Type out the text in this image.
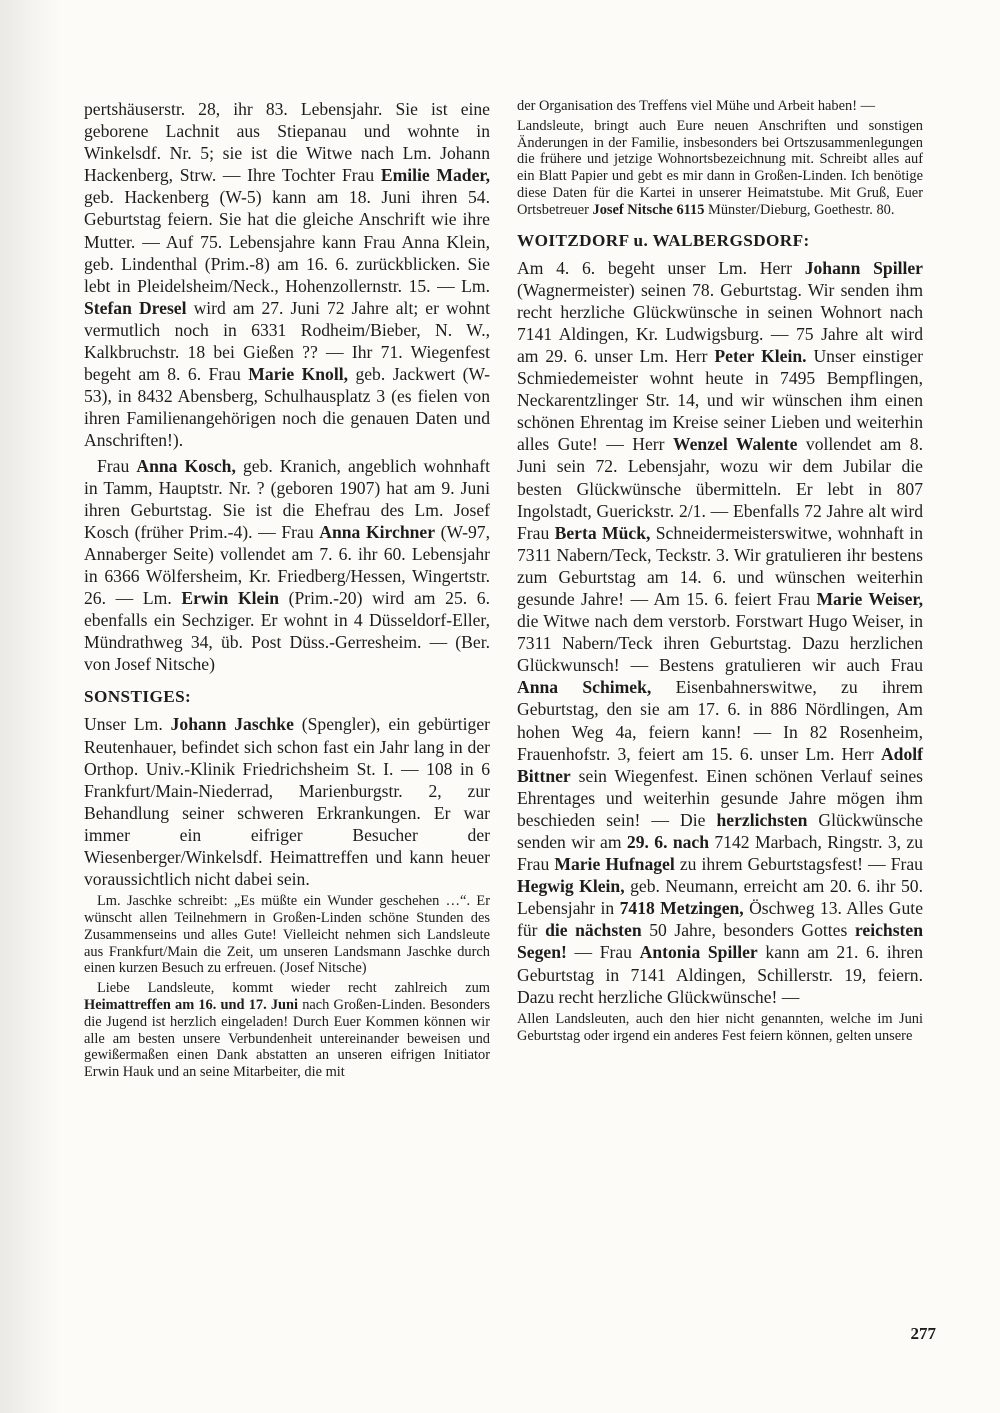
pertshäuserstr. 28, ihr 83. Lebensjahr. Sie ist eine geborene Lachnit aus Stiepanau und wohnte in Winkelsdf. Nr. 5; sie ist die Witwe nach Lm. Johann Hackenberg, Strw. — Ihre Tochter Frau Emilie Mader, geb. Hackenberg (W-5) kann am 18. Juni ihren 54. Geburtstag feiern. Sie hat die gleiche Anschrift wie ihre Mutter. — Auf 75. Lebensjahre kann Frau Anna Klein, geb. Lindenthal (Prim.-8) am 16. 6. zurückblicken. Sie lebt in Pleidelsheim/Neck., Hohenzollernstr. 15. — Lm. Stefan Dresel wird am 27. Juni 72 Jahre alt; er wohnt vermutlich noch in 6331 Rodheim/Bieber, N. W., Kalkbruchstr. 18 bei Gießen ?? — Ihr 71. Wiegenfest begeht am 8. 6. Frau Marie Knoll, geb. Jackwert (W-53), in 8432 Abensberg, Schulhausplatz 3 (es fielen von ihren Familienangehörigen noch die genauen Daten und Anschriften!).

Frau Anna Kosch, geb. Kranich, angeblich wohnhaft in Tamm, Hauptstr. Nr. ? (geboren 1907) hat am 9. Juni ihren Geburtstag. Sie ist die Ehefrau des Lm. Josef Kosch (früher Prim.-4). — Frau Anna Kirchner (W-97, Annaberger Seite) vollendet am 7. 6. ihr 60. Lebensjahr in 6366 Wölfersheim, Kr. Friedberg/Hessen, Wingertstr. 26. — Lm. Erwin Klein (Prim.-20) wird am 25. 6. ebenfalls ein Sechziger. Er wohnt in 4 Düsseldorf-Eller, Mündrathweg 34, üb. Post Düss.-Gerresheim. — (Ber. von Josef Nitsche)

SONSTIGES:

Unser Lm. Johann Jaschke (Spengler), ein gebürtiger Reutenhauer, befindet sich schon fast ein Jahr lang in der Orthop. Univ.-Klinik Friedrichsheim St. I. — 108 in 6 Frankfurt/Main-Niederrad, Marienburgstr. 2, zur Behandlung seiner schweren Erkrankungen. Er war immer ein eifriger Besucher der Wiesenberger/Winkelsdf. Heimattreffen und kann heuer voraussichtlich nicht dabei sein.

Lm. Jaschke schreibt: „Es müßte ein Wunder geschehen …“. Er wünscht allen Teilnehmern in Großen-Linden schöne Stunden des Zusammenseins und alles Gute! Vielleicht nehmen sich Landsleute aus Frankfurt/Main die Zeit, um unseren Landsmann Jaschke durch einen kurzen Besuch zu erfreuen. (Josef Nitsche)

Liebe Landsleute, kommt wieder recht zahlreich zum Heimattreffen am 16. und 17. Juni nach Großen-Linden. Besonders die Jugend ist herzlich eingeladen! Durch Euer Kommen können wir alle am besten unsere Verbundenheit untereinander beweisen und gewißermaßen einen Dank abstatten an unseren eifrigen Initiator Erwin Hauk und an seine Mitarbeiter, die mit

der Organisation des Treffens viel Mühe und Arbeit haben! —

Landsleute, bringt auch Eure neuen Anschriften und sonstigen Änderungen in der Familie, insbesonders bei Ortszusammenlegungen die frühere und jetzige Wohnortsbezeichnung mit. Schreibt alles auf ein Blatt Papier und gebt es mir dann in Großen-Linden. Ich benötige diese Daten für die Kartei in unserer Heimatstube. Mit Gruß, Euer Ortsbetreuer Josef Nitsche 6115 Münster/Dieburg, Goethestr. 80.

WOITZDORF u. WALBERGSDORF:

Am 4. 6. begeht unser Lm. Herr Johann Spiller (Wagnermeister) seinen 78. Geburtstag. Wir senden ihm recht herzliche Glückwünsche in seinen Wohnort nach 7141 Aldingen, Kr. Ludwigsburg. — 75 Jahre alt wird am 29. 6. unser Lm. Herr Peter Klein. Unser einstiger Schmiedemeister wohnt heute in 7495 Bempflingen, Neckarentzlinger Str. 14, und wir wünschen ihm einen schönen Ehrentag im Kreise seiner Lieben und weiterhin alles Gute! — Herr Wenzel Walente vollendet am 8. Juni sein 72. Lebensjahr, wozu wir dem Jubilar die besten Glückwünsche übermitteln. Er lebt in 807 Ingolstadt, Guerickstr. 2/1. — Ebenfalls 72 Jahre alt wird Frau Berta Mück, Schneidermeisterswitwe, wohnhaft in 7311 Nabern/Teck, Teckstr. 3. Wir gratulieren ihr bestens zum Geburtstag am 14. 6. und wünschen weiterhin gesunde Jahre! — Am 15. 6. feiert Frau Marie Weiser, die Witwe nach dem verstorb. Forstwart Hugo Weiser, in 7311 Nabern/Teck ihren Geburtstag. Dazu herzlichen Glückwunsch! — Bestens gratulieren wir auch Frau Anna Schimek, Eisenbahnerswitwe, zu ihrem Geburtstag, den sie am 17. 6. in 886 Nördlingen, Am hohen Weg 4a, feiern kann! — In 82 Rosenheim, Frauenhofstr. 3, feiert am 15. 6. unser Lm. Herr Adolf Bittner sein Wiegenfest. Einen schönen Verlauf seines Ehrentages und weiterhin gesunde Jahre mögen ihm beschieden sein! — Die herzlichsten Glückwünsche senden wir am 29. 6. nach 7142 Marbach, Ringstr. 3, zu Frau Marie Hufnagel zu ihrem Geburtstagsfest! — Frau Hegwig Klein, geb. Neumann, erreicht am 20. 6. ihr 50. Lebensjahr in 7418 Metzingen, Öschweg 13. Alles Gute für die nächsten 50 Jahre, besonders Gottes reichsten Segen! — Frau Antonia Spiller kann am 21. 6. ihren Geburtstag in 7141 Aldingen, Schillerstr. 19, feiern. Dazu recht herzliche Glückwünsche! —

Allen Landsleuten, auch den hier nicht genannten, welche im Juni Geburtstag oder irgend ein anderes Fest feiern können, gelten unsere

277
